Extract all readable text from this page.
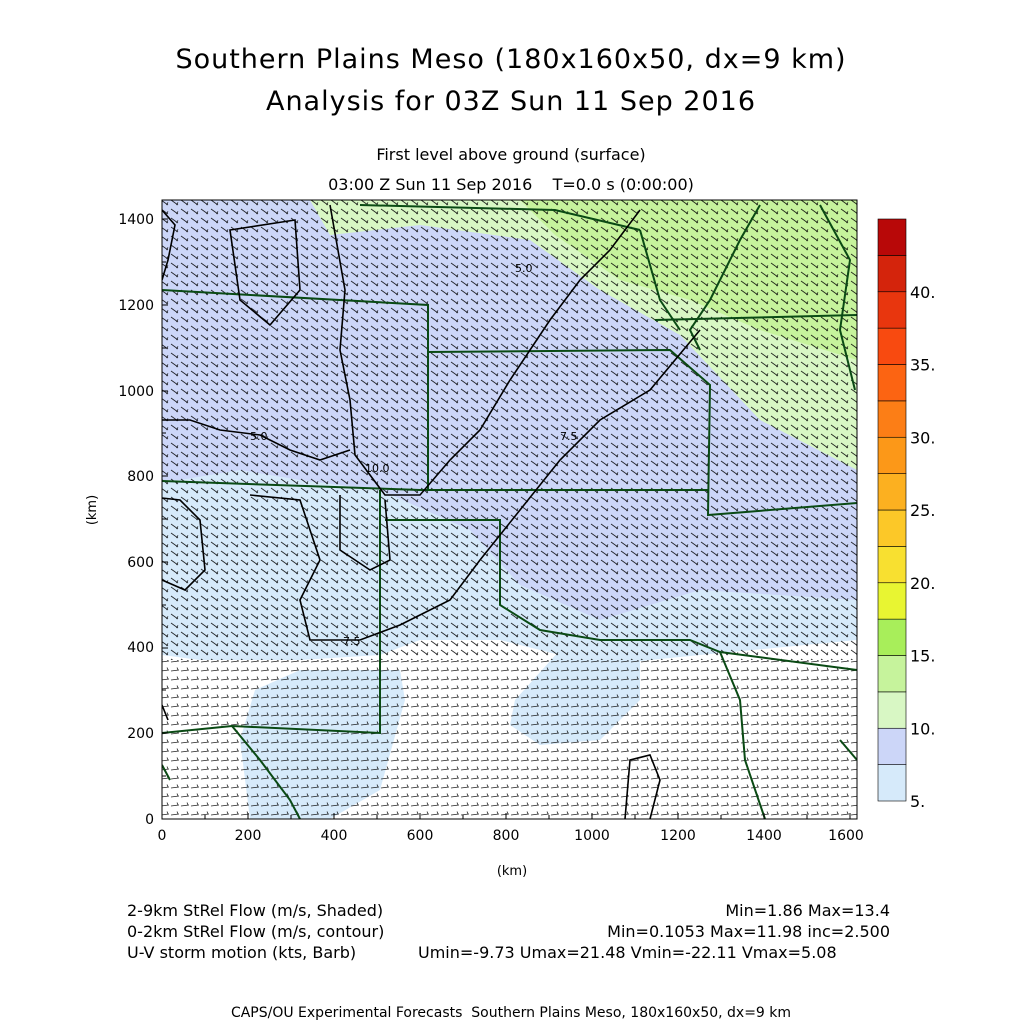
Southern Plains Meso (180x160x50, dx=9 km)
Analysis for 03Z Sun 11 Sep 2016
First level above ground (surface)
03:00 Z Sun 11 Sep 2016    T=0.0 s (0:00:00)
5.0
7.5
7.5
10.0
5.0
0
200
400
600
800
1000
1200
1400
(km)
0	200	400	600	800	1000	1200	1400	1600
(km)
5.
10.
15.
20.
25.
30.
35.
40.
2-9km StRel Flow (m/s, Shaded)	Min=1.86 Max=13.4
0-2km StRel Flow (m/s, contour)	Min=0.1053 Max=11.98 inc=2.500
U-V storm motion (kts, Barb)	Umin=-9.73 Umax=21.48 Vmin=-22.11 Vmax=5.08
CAPS/OU Experimental Forecasts  Southern Plains Meso, 180x160x50, dx=9 km
